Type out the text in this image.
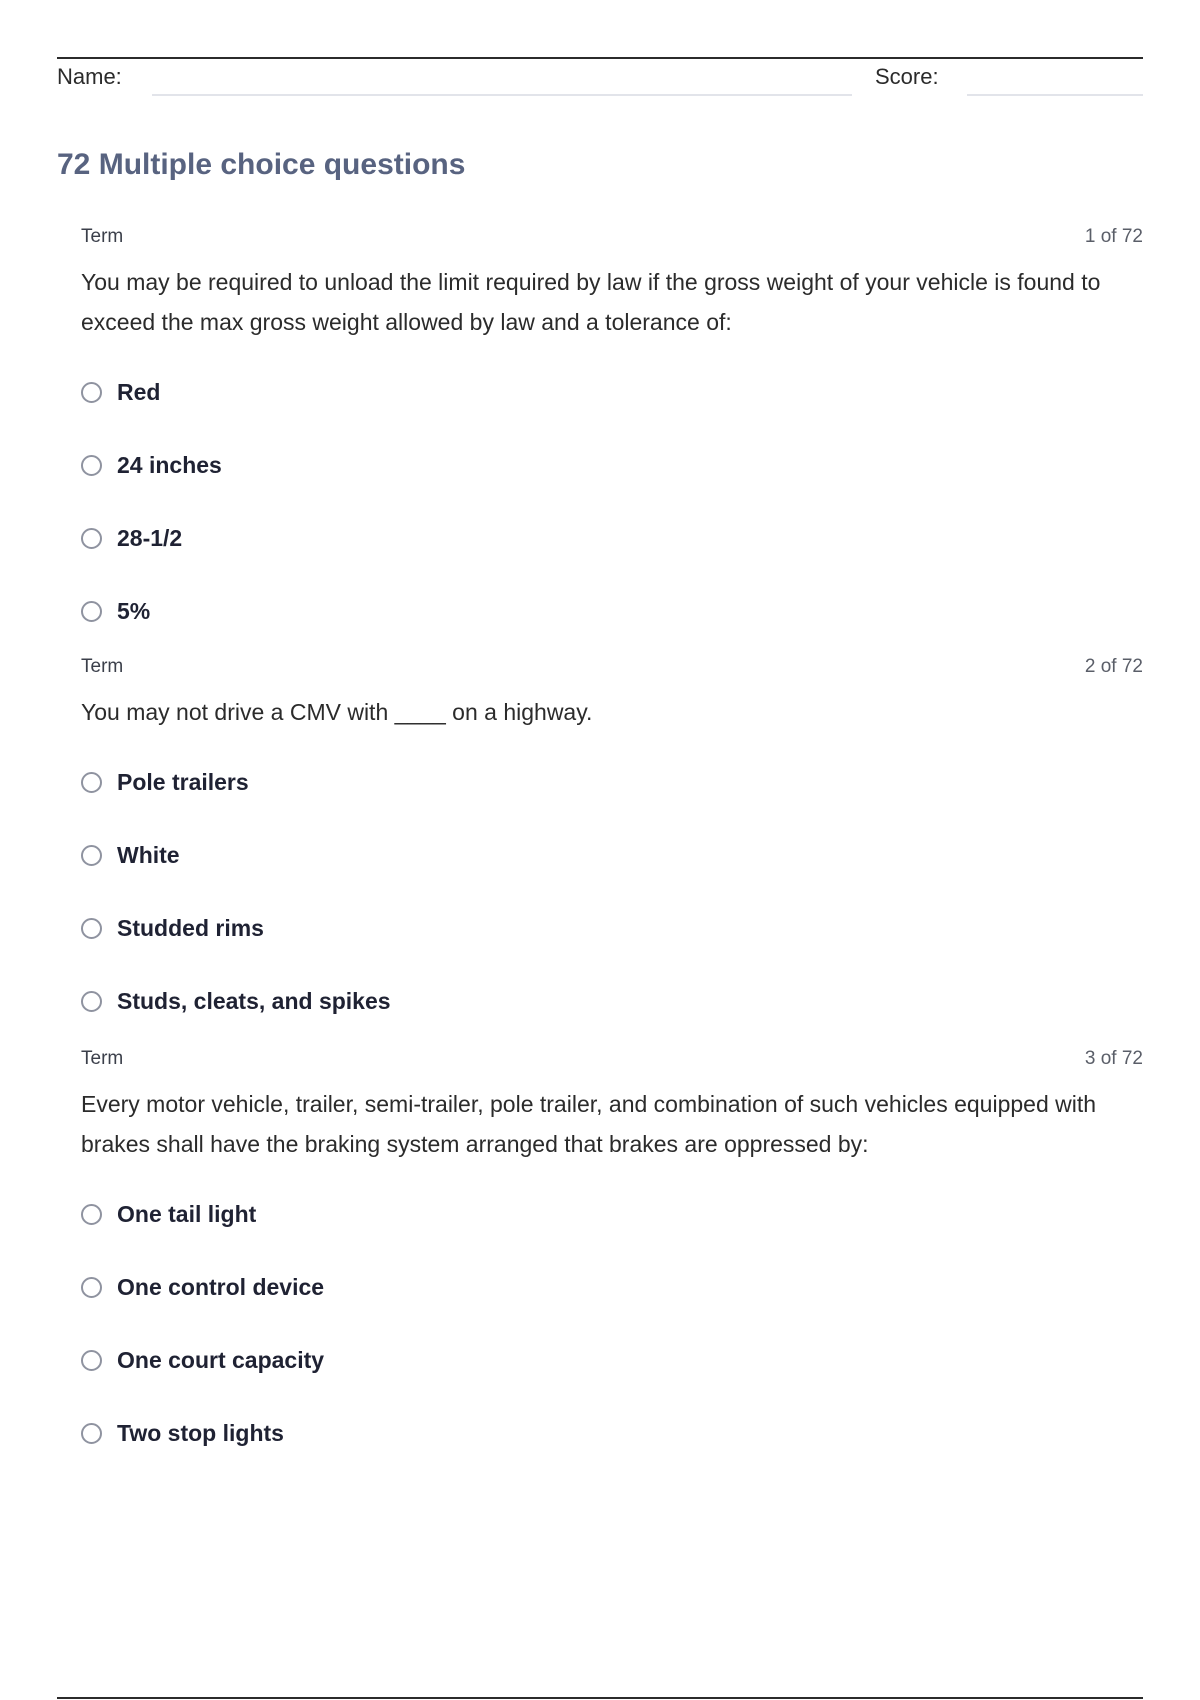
Name:	Score:
72 Multiple choice questions
Term	1 of 72
You may be required to unload the limit required by law if the gross weight of your vehicle is found to exceed the max gross weight allowed by law and a tolerance of:
Red
24 inches
28-1/2
5%
Term	2 of 72
You may not drive a CMV with ____ on a highway.
Pole trailers
White
Studded rims
Studs, cleats, and spikes
Term	3 of 72
Every motor vehicle, trailer, semi-trailer, pole trailer, and combination of such vehicles equipped with brakes shall have the braking system arranged that brakes are oppressed by:
One tail light
One control device
One court capacity
Two stop lights
